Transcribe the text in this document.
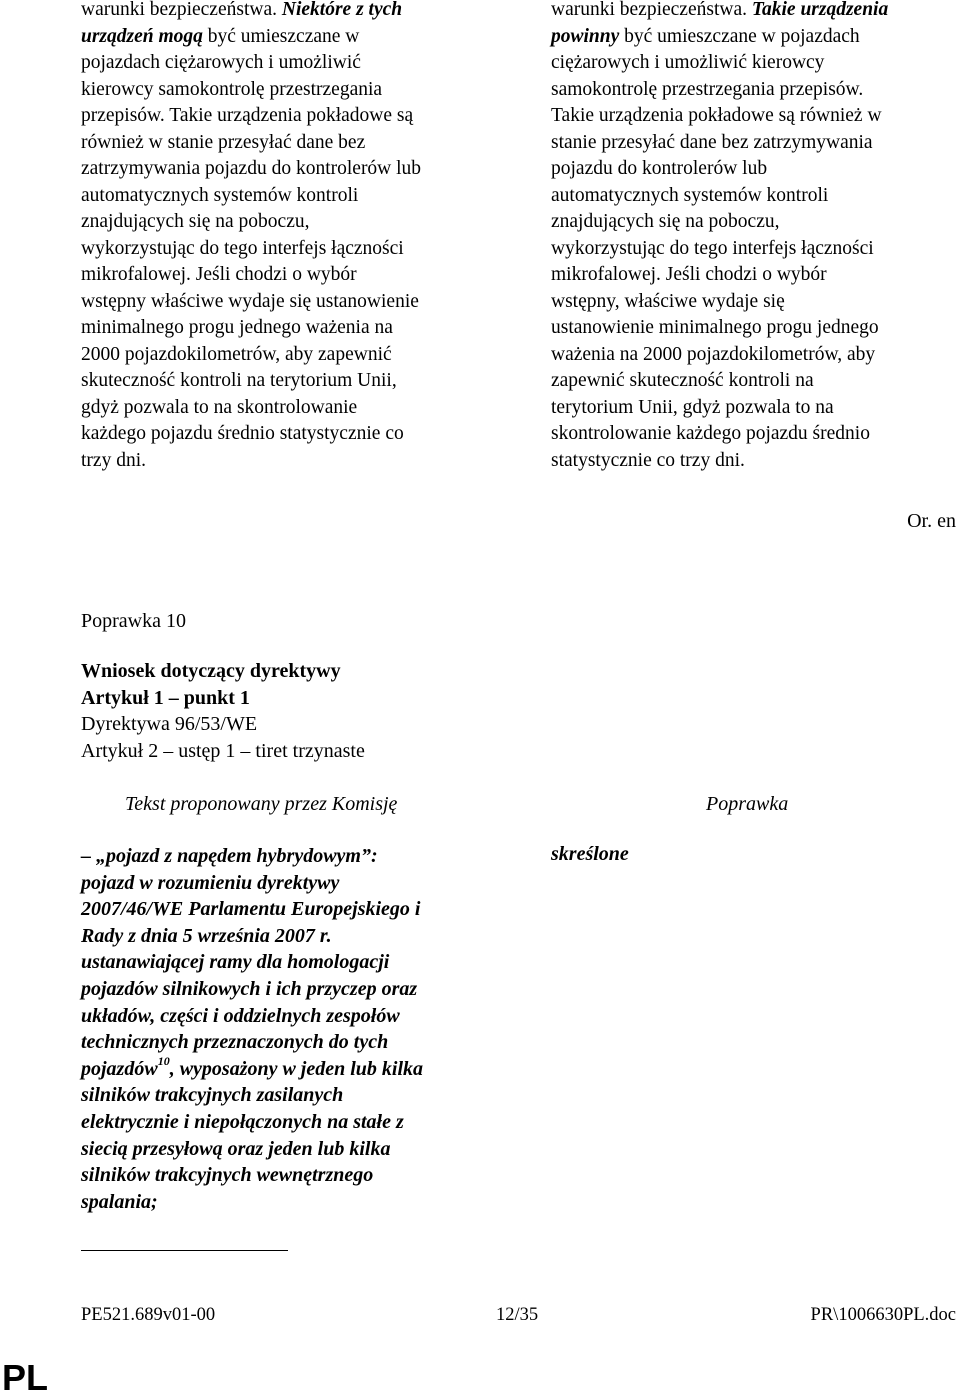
warunki bezpieczeństwa. Niektóre z tych
urządzeń mogą być umieszczane w
pojazdach ciężarowych i umożliwić
kierowcy samokontrolę przestrzegania
przepisów. Takie urządzenia pokładowe są
również w stanie przesyłać dane bez
zatrzymywania pojazdu do kontrolerów lub
automatycznych systemów kontroli
znajdujących się na poboczu,
wykorzystując do tego interfejs łączności
mikrofalowej. Jeśli chodzi o wybór
wstępny właściwe wydaje się ustanowienie
minimalnego progu jednego ważenia na
2000 pojazdokilometrów, aby zapewnić
skuteczność kontroli na terytorium Unii,
gdyż pozwala to na skontrolowanie
każdego pojazdu średnio statystycznie co
trzy dni.
warunki bezpieczeństwa. Takie urządzenia
powinny być umieszczane w pojazdach
ciężarowych i umożliwić kierowcy
samokontrolę przestrzegania przepisów.
Takie urządzenia pokładowe są również w
stanie przesyłać dane bez zatrzymywania
pojazdu do kontrolerów lub
automatycznych systemów kontroli
znajdujących się na poboczu,
wykorzystując do tego interfejs łączności
mikrofalowej. Jeśli chodzi o wybór
wstępny, właściwe wydaje się
ustanowienie minimalnego progu jednego
ważenia na 2000 pojazdokilometrów, aby
zapewnić skuteczność kontroli na
terytorium Unii, gdyż pozwala to na
skontrolowanie każdego pojazdu średnio
statystycznie co trzy dni.
Or. en
Poprawka 10
Wniosek dotyczący dyrektywy
Artykuł 1 – punkt 1
Dyrektywa 96/53/WE
Artykuł 2 – ustęp 1 – tiret trzynaste
Tekst proponowany przez Komisję	Poprawka
– „pojazd z napędem hybrydowym”:
pojazd w rozumieniu dyrektywy
2007/46/WE Parlamentu Europejskiego i
Rady z dnia 5 września 2007 r.
ustanawiającej ramy dla homologacji
pojazdów silnikowych i ich przyczep oraz
układów, części i oddzielnych zespołów
technicznych przeznaczonych do tych
pojazdów$^{10}$, wyposażony w jeden lub kilka
silników trakcyjnych zasilanych
elektrycznie i niepołączonych na stałe z
siecią przesyłową oraz jeden lub kilka
silników trakcyjnych wewnętrznego
spalania;
skreślone
PE521.689v01-00	12/35	PR\1006630PL.doc
PL
